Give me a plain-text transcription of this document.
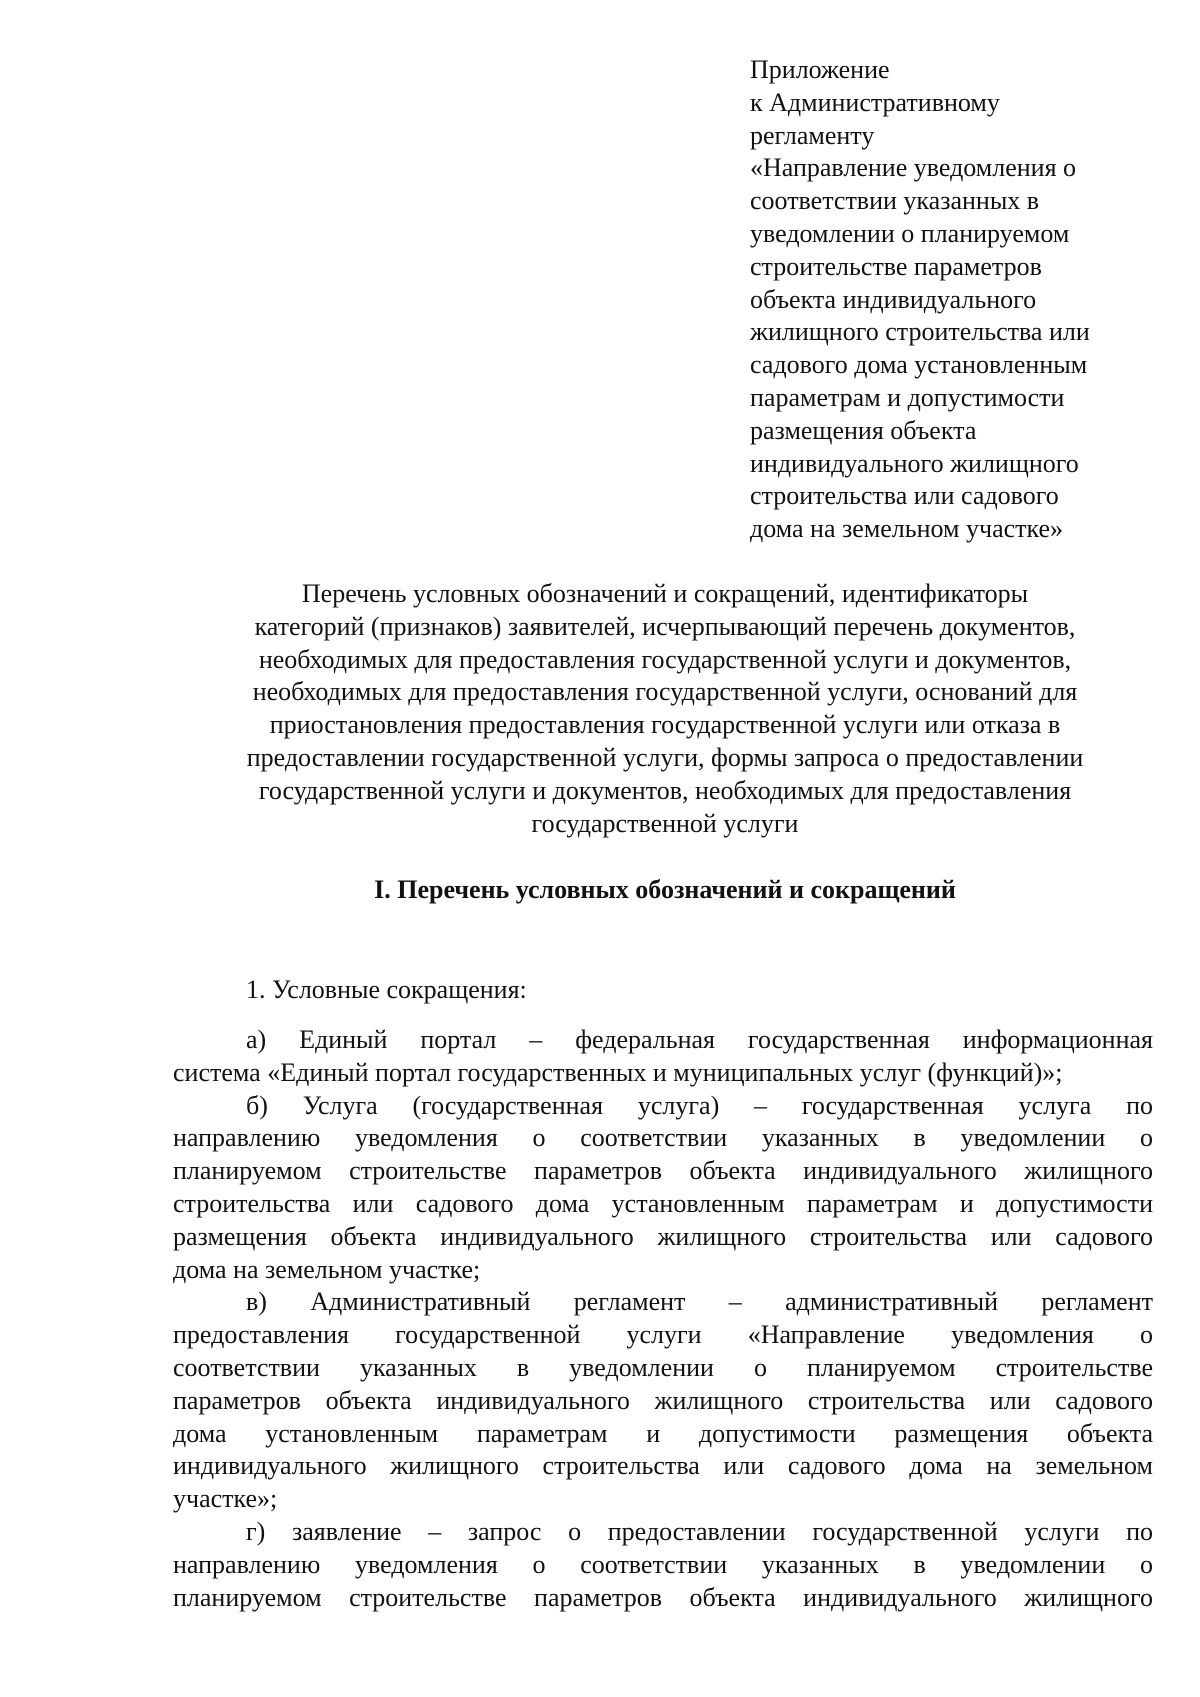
Приложение
к Административному
регламенту
«Направление уведомления о
соответствии указанных в
уведомлении о планируемом
строительстве параметров
объекта индивидуального
жилищного строительства или
садового дома установленным
параметрам и допустимости
размещения объекта
индивидуального жилищного
строительства или садового
дома на земельном участке»
Перечень условных обозначений и сокращений, идентификаторы
категорий (признаков) заявителей, исчерпывающий перечень документов,
необходимых для предоставления государственной услуги и документов,
необходимых для предоставления государственной услуги, оснований для
приостановления предоставления государственной услуги или отказа в
предоставлении государственной услуги, формы запроса о предоставлении
государственной услуги и документов, необходимых для предоставления
государственной услуги
I. Перечень условных обозначений и сокращений
1. Условные сокращения:
а) Единый портал – федеральная государственная информационная
система «Единый портал государственных и муниципальных услуг (функций)»;
б) Услуга (государственная услуга) – государственная услуга по
направлению уведомления о соответствии указанных в уведомлении о
планируемом строительстве параметров объекта индивидуального жилищного
строительства или садового дома установленным параметрам и допустимости
размещения объекта индивидуального жилищного строительства или садового
дома на земельном участке;
в) Административный регламент – административный регламент
предоставления государственной услуги «Направление уведомления о
соответствии указанных в уведомлении о планируемом строительстве
параметров объекта индивидуального жилищного строительства или садового
дома установленным параметрам и допустимости размещения объекта
индивидуального жилищного строительства или садового дома на земельном
участке»;
г) заявление – запрос о предоставлении государственной услуги по
направлению уведомления о соответствии указанных в уведомлении о
планируемом строительстве параметров объекта индивидуального жилищного
